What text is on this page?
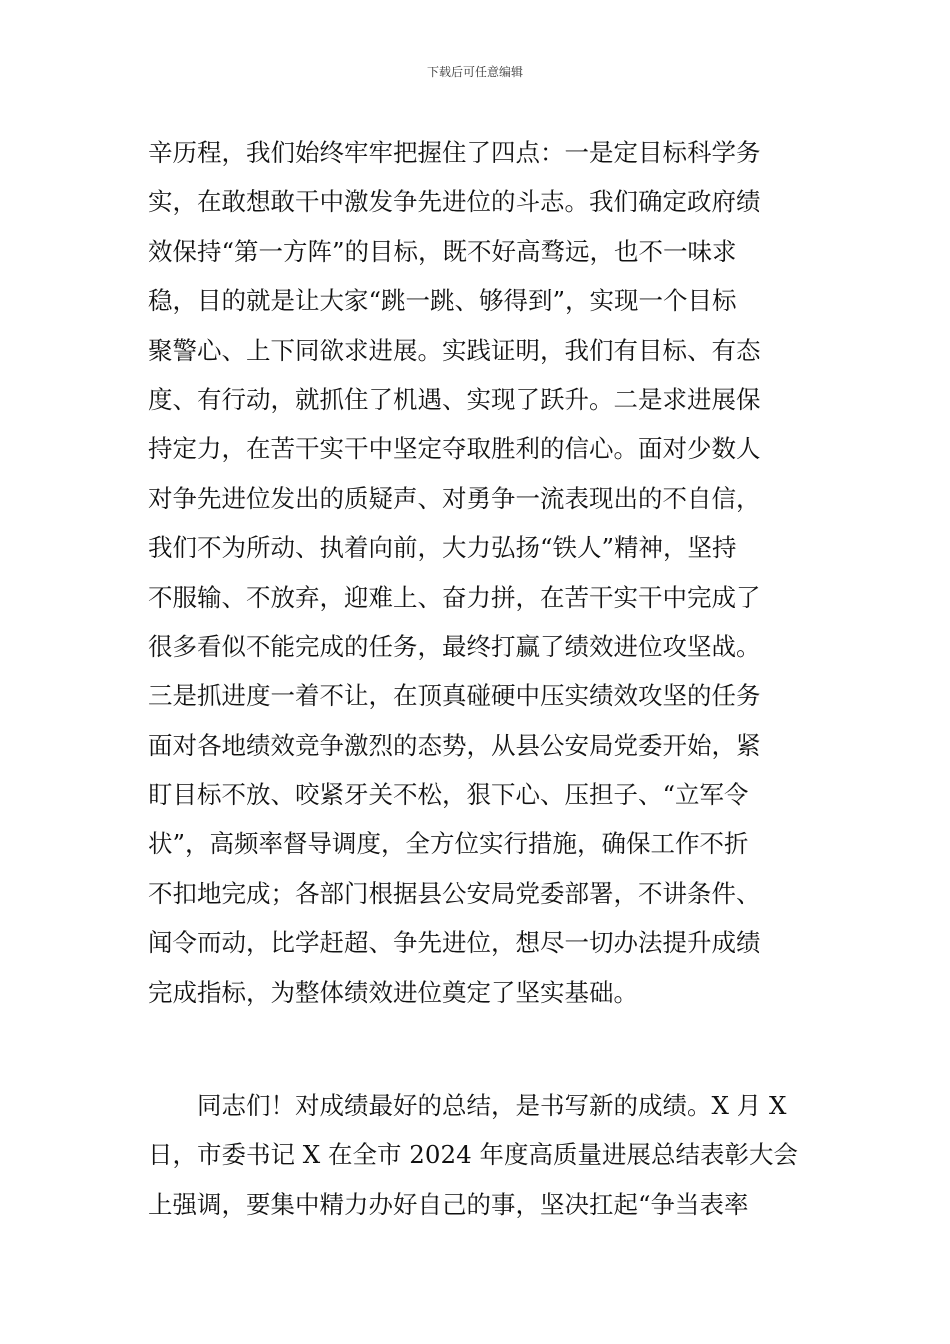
下载后可任意编辑
辛历程，我们始终牢牢把握住了四点：一是定目标科学务
实，在敢想敢干中激发争先进位的斗志。我们确定政府绩
效保持“第一方阵”的目标，既不好高骛远，也不一味求
稳，目的就是让大家“跳一跳、够得到”，实现一个目标
聚警心、上下同欲求进展。实践证明，我们有目标、有态
度、有行动，就抓住了机遇、实现了跃升。二是求进展保
持定力，在苦干实干中坚定夺取胜利的信心。面对少数人
对争先进位发出的质疑声、对勇争一流表现出的不自信，
我们不为所动、执着向前，大力弘扬“铁人”精神，坚持
不服输、不放弃，迎难上、奋力拼，在苦干实干中完成了
很多看似不能完成的任务，最终打赢了绩效进位攻坚战。
三是抓进度一着不让，在顶真碰硬中压实绩效攻坚的任务
面对各地绩效竞争激烈的态势，从县公安局党委开始，紧
盯目标不放、咬紧牙关不松，狠下心、压担子、“立军令
状”，高频率督导调度，全方位实行措施，确保工作不折
不扣地完成；各部门根据县公安局党委部署，不讲条件、
闻令而动，比学赶超、争先进位，想尽一切办法提升成绩
完成指标，为整体绩效进位奠定了坚实基础。
同志们！对成绩最好的总结，是书写新的成绩。X 月 X
日，市委书记 X 在全市 2024 年度高质量进展总结表彰大会
上强调，要集中精力办好自己的事，坚决扛起“争当表率
